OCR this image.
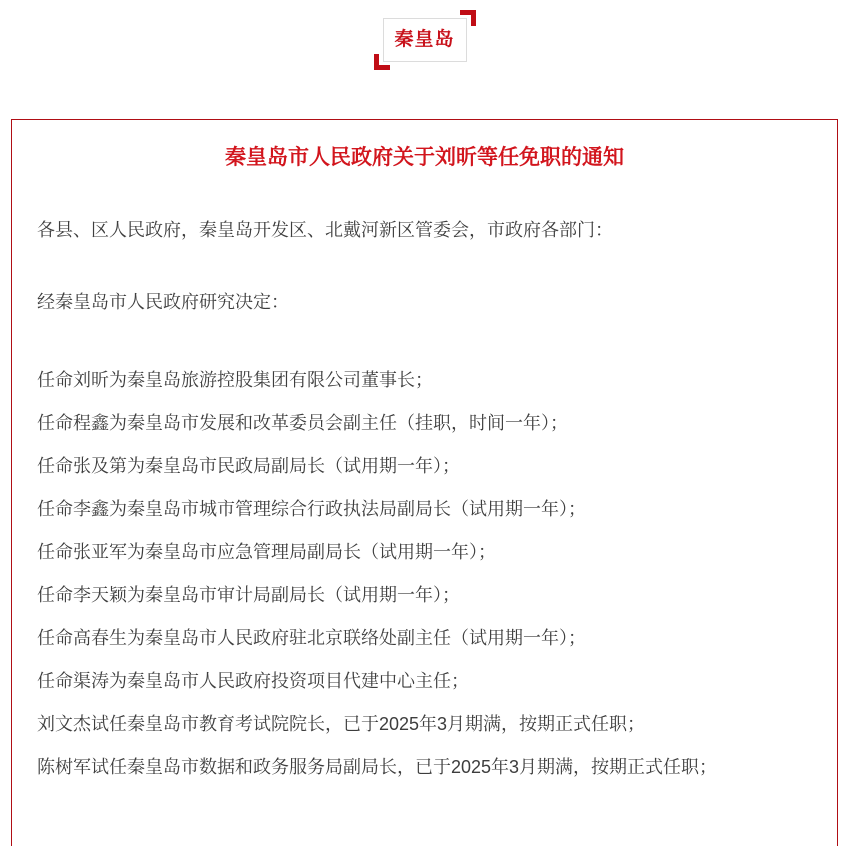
秦皇岛
秦皇岛市人民政府关于刘昕等任免职的通知

各县、区人民政府，秦皇岛开发区、北戴河新区管委会，市政府各部门：

经秦皇岛市人民政府研究决定：

任命刘昕为秦皇岛旅游控股集团有限公司董事长；

任命程鑫为秦皇岛市发展和改革委员会副主任（挂职，时间一年）；

任命张及第为秦皇岛市民政局副局长（试用期一年）；

任命李鑫为秦皇岛市城市管理综合行政执法局副局长（试用期一年）；

任命张亚军为秦皇岛市应急管理局副局长（试用期一年）；

任命李天颖为秦皇岛市审计局副局长（试用期一年）；

任命高春生为秦皇岛市人民政府驻北京联络处副主任（试用期一年）；

任命渠涛为秦皇岛市人民政府投资项目代建中心主任；

刘文杰试任秦皇岛市教育考试院院长，已于2025年3月期满，按期正式任职；

陈树军试任秦皇岛市数据和政务服务局副局长，已于2025年3月期满，按期正式任职；
